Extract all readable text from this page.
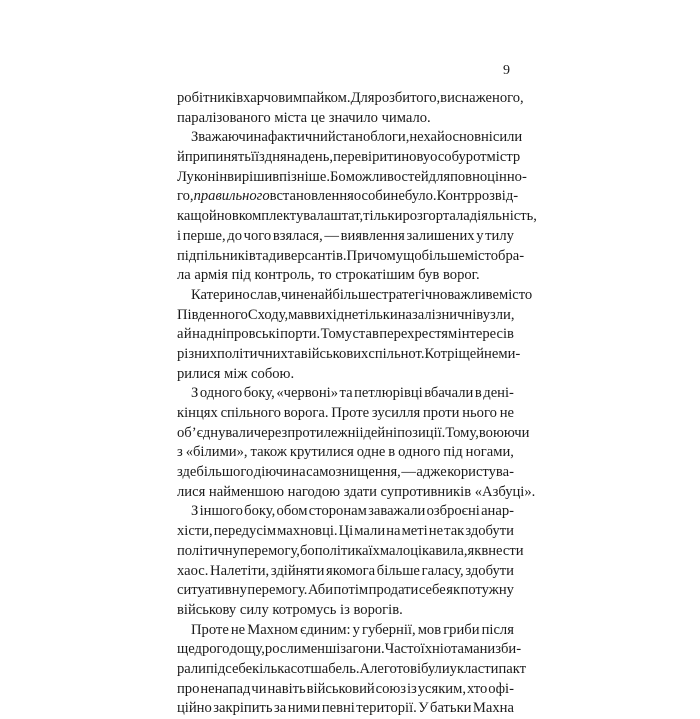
9
робітників харчовим пайком. Для розбитого, виснаженого,
паралізованого міста це значило чимало.
Зважаючи на фактичний стан облоги, нехай основні сили
й припинять її з дня на день, перевірити нову особу ротмістр
Луконін вирішив пізніше. Бо можливостей для повноцінно-
го, правильного встановлення особи не було. Контррозвід-
ка щойно вкомплектувала штат, тільки розгортала діяльність,
і перше, до чого взялася, — виявлення залишених у тилу
підпільників та диверсантів. Причому що більше місто бра-
ла армія під контроль, то строкатішим був ворог.
Катеринослав, чи не найбільше стратегічно важливе місто
Південного Сходу, мав вихід не тільки на залізничні вузли,
а й на дніпровські порти. Тому став перехрестям інтересів
різних політичних та військових спільнот. Котрі ще й не ми-
рилися між собою.
З одного боку, «червоні» та петлюрівці вбачали в дені-
кінцях спільного ворога. Проте зусилля проти нього не
об’єднували через протилежні ідейні позиції. Тому, воюючи
з «білими», також крутилися одне в одного під ногами,
здебільшого діючи на самознищення, — адже користува-
лися найменшою нагодою здати супротивників «Азбуці».
З іншого боку, обом сторонам заважали озброєні анар-
хісти, передусім махновці. Ці мали на меті не так здобути
політичну перемогу, бо політика їх мало цікавила, як внести
хаос. Налетіти, здійняти якомога більше галасу, здобути
ситуативну перемогу. Аби потім продати себе як потужну
військову силу котромусь із ворогів.
Проте не Махном єдиним: у губернії, мов гриби після
щедрого дощу, росли менші загони. Часто їхні отамани зби-
рали під себе кількасот шабель. Але готові були укласти пакт
про ненапад чи навіть військовий союз із усяким, хто офі-
ційно закріпить за ними певні території. У батьки Махна
